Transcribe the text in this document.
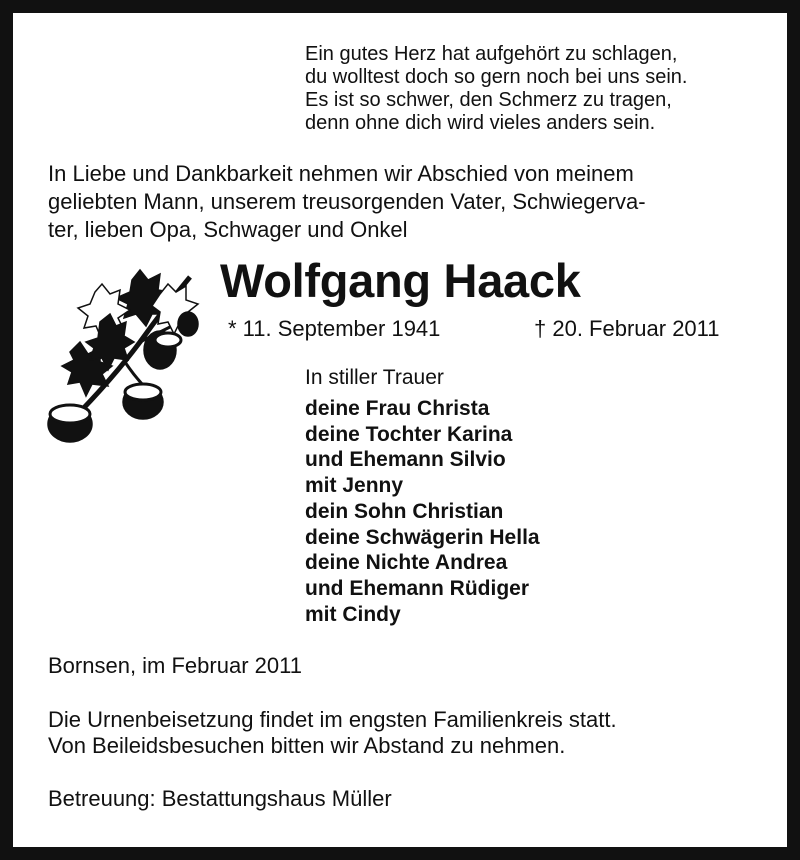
Ein gutes Herz hat aufgehört zu schlagen,
du wolltest doch so gern noch bei uns sein.
Es ist so schwer, den Schmerz zu tragen,
denn ohne dich wird vieles anders sein.
In Liebe und Dankbarkeit nehmen wir Abschied von meinem
geliebten Mann, unserem treusorgenden Vater, Schwiegerva-
ter, lieben Opa, Schwager und Onkel
Wolfgang Haack
* 11. September 1941	† 20. Februar 2011
In stiller Trauer
deine Frau Christa
deine Tochter Karina
und Ehemann Silvio
mit Jenny
dein Sohn Christian
deine Schwägerin Hella
deine Nichte Andrea
und Ehemann Rüdiger
mit Cindy
Bornsen, im Februar 2011
Die Urnenbeisetzung findet im engsten Familienkreis statt.
Von Beileidsbesuchen bitten wir Abstand zu nehmen.
Betreuung: Bestattungshaus Müller
